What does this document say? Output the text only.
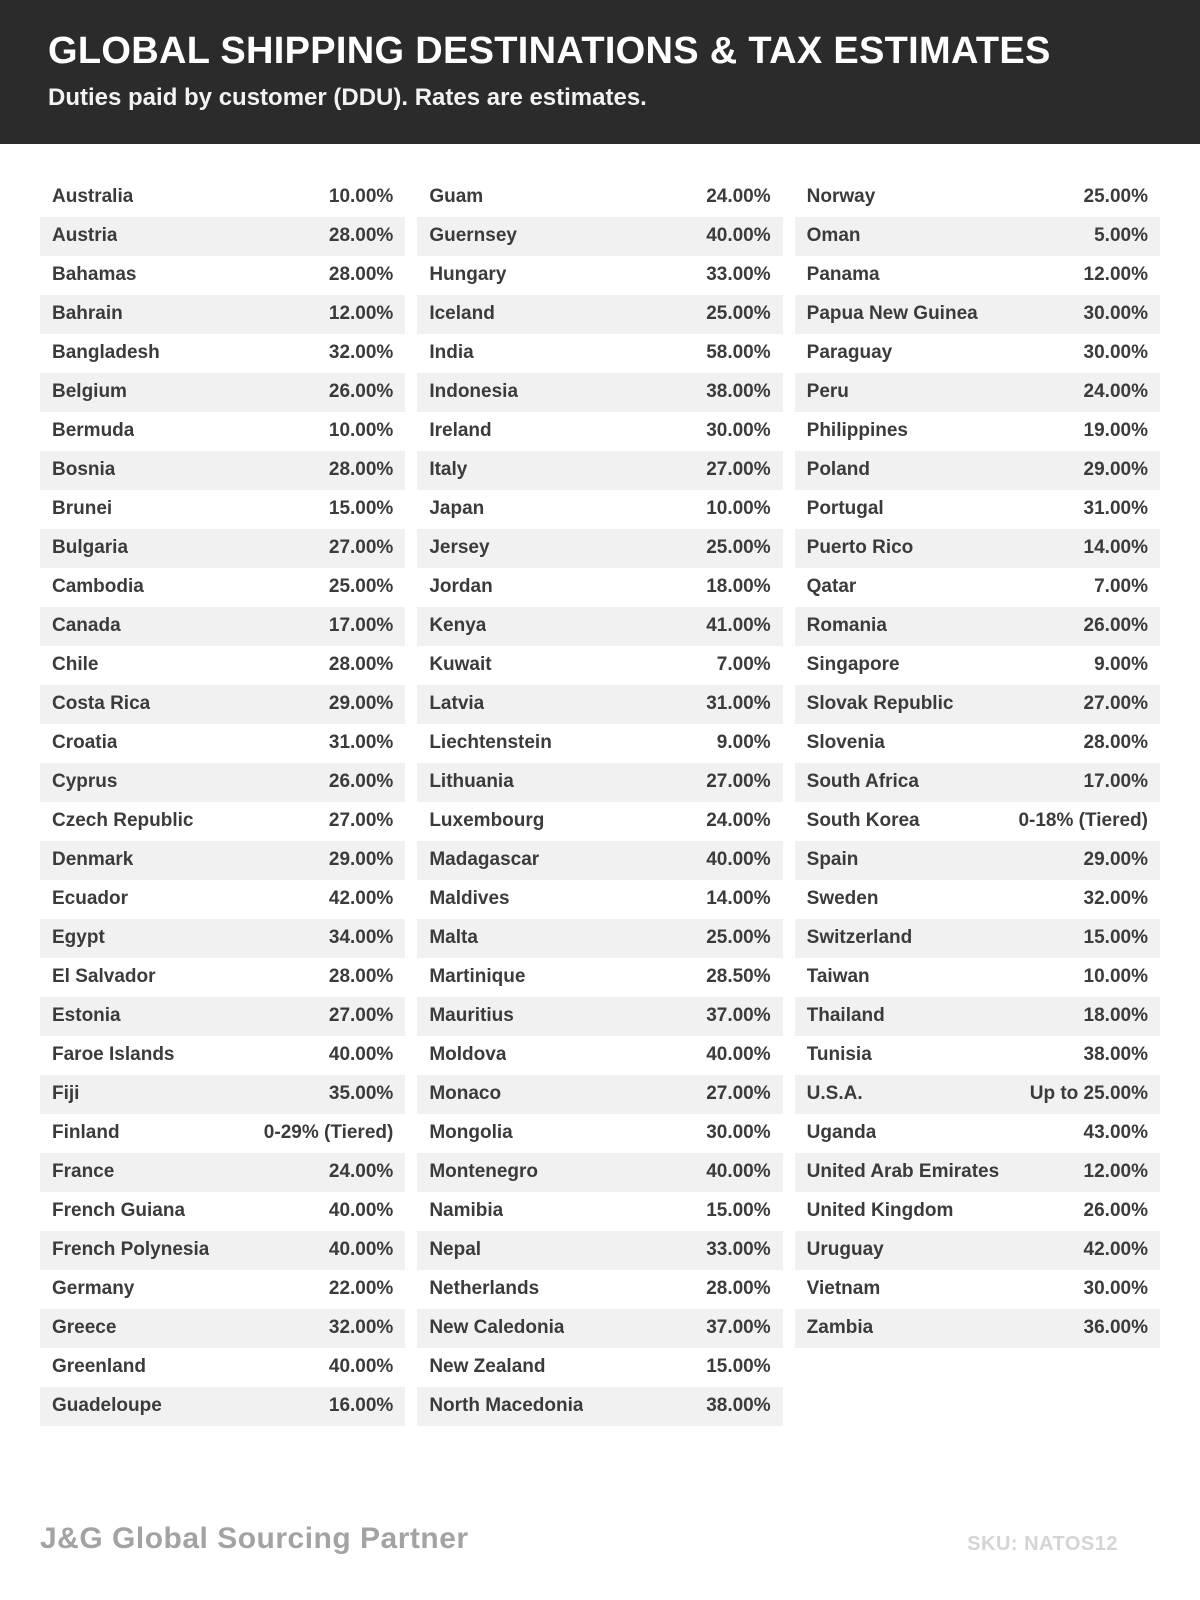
GLOBAL SHIPPING DESTINATIONS & TAX ESTIMATES
Duties paid by customer (DDU). Rates are estimates.
Australia	10.00%
Austria	28.00%
Bahamas	28.00%
Bahrain	12.00%
Bangladesh	32.00%
Belgium	26.00%
Bermuda	10.00%
Bosnia	28.00%
Brunei	15.00%
Bulgaria	27.00%
Cambodia	25.00%
Canada	17.00%
Chile	28.00%
Costa Rica	29.00%
Croatia	31.00%
Cyprus	26.00%
Czech Republic	27.00%
Denmark	29.00%
Ecuador	42.00%
Egypt	34.00%
El Salvador	28.00%
Estonia	27.00%
Faroe Islands	40.00%
Fiji	35.00%
Finland	0-29% (Tiered)
France	24.00%
French Guiana	40.00%
French Polynesia	40.00%
Germany	22.00%
Greece	32.00%
Greenland	40.00%
Guadeloupe	16.00%
Guam	24.00%
Guernsey	40.00%
Hungary	33.00%
Iceland	25.00%
India	58.00%
Indonesia	38.00%
Ireland	30.00%
Italy	27.00%
Japan	10.00%
Jersey	25.00%
Jordan	18.00%
Kenya	41.00%
Kuwait	7.00%
Latvia	31.00%
Liechtenstein	9.00%
Lithuania	27.00%
Luxembourg	24.00%
Madagascar	40.00%
Maldives	14.00%
Malta	25.00%
Martinique	28.50%
Mauritius	37.00%
Moldova	40.00%
Monaco	27.00%
Mongolia	30.00%
Montenegro	40.00%
Namibia	15.00%
Nepal	33.00%
Netherlands	28.00%
New Caledonia	37.00%
New Zealand	15.00%
North Macedonia	38.00%
Norway	25.00%
Oman	5.00%
Panama	12.00%
Papua New Guinea	30.00%
Paraguay	30.00%
Peru	24.00%
Philippines	19.00%
Poland	29.00%
Portugal	31.00%
Puerto Rico	14.00%
Qatar	7.00%
Romania	26.00%
Singapore	9.00%
Slovak Republic	27.00%
Slovenia	28.00%
South Africa	17.00%
South Korea	0-18% (Tiered)
Spain	29.00%
Sweden	32.00%
Switzerland	15.00%
Taiwan	10.00%
Thailand	18.00%
Tunisia	38.00%
U.S.A.	Up to 25.00%
Uganda	43.00%
United Arab Emirates	12.00%
United Kingdom	26.00%
Uruguay	42.00%
Vietnam	30.00%
Zambia	36.00%
J&G Global Sourcing Partner	SKU: NATOS12
